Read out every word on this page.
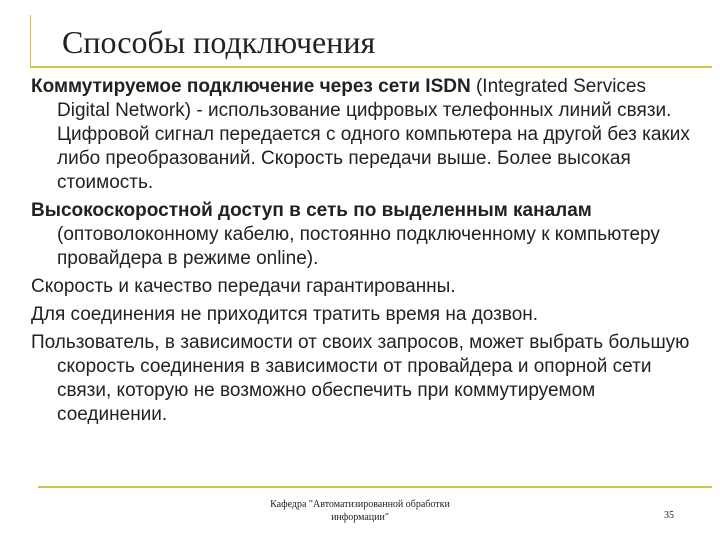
Способы подключения

Коммутируемое подключение через сети ISDN (Integrated Services Digital Network) - использование цифровых телефонных линий связи. Цифровой сигнал передается с одного компьютера на другой без каких либо преобразований. Скорость передачи выше. Более высокая стоимость.

Высокоскоростной доступ в сеть по выделенным каналам (оптоволоконному кабелю, постоянно подключенному к компьютеру провайдера в режиме online).

Скорость и качество передачи гарантированны.

Для соединения не приходится тратить время на дозвон.

Пользователь, в зависимости от своих запросов, может выбрать большую скорость соединения в зависимости от провайдера и опорной сети связи, которую не возможно обеспечить при коммутируемом соединении.

Кафедра "Автоматизированной обработки
информации"	35
